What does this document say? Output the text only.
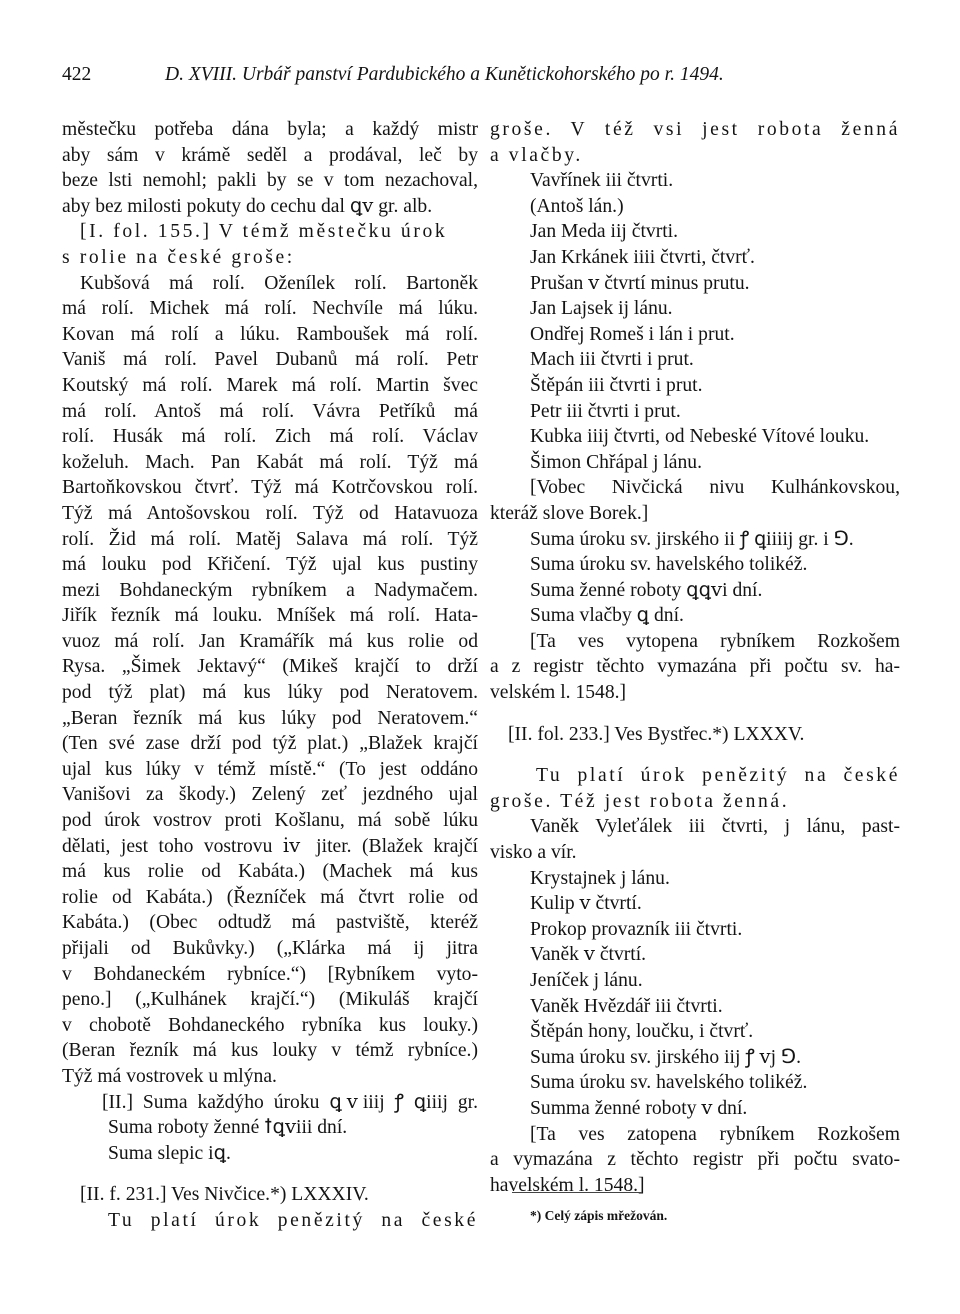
422	D. XVIII. Urbář panství Pardubického a Kunětickohorského po r. 1494.
městečku potřeba dána byla; a každý mistr
aby sám v krámě seděl a prodával, leč by
beze lsti nemohl; pakli by se v tom nezachoval,
aby bez milosti pokuty do cechu dal ꝗⅴ gr. alb.
[I. fol. 155.] V témž městečku úrok
s rolie na české groše:
Kubšová má rolí. Oženílek rolí. Bartoněk
má rolí. Michek má rolí. Nechvíle má lúku.
Kovan má rolí a lúku. Ramboušek má rolí.
Vaniš má rolí. Pavel Dubanů má rolí. Petr
Koutský má rolí. Marek má rolí. Martin švec
má rolí. Antoš má rolí. Vávra Petříků má
rolí. Husák má rolí. Zich má rolí. Václav
koželuh. Mach. Pan Kabát má rolí. Týž má
Bartoňkovskou čtvrť. Týž má Kotrčovskou rolí.
Týž má Antošovskou rolí. Týž od Hatavuoza
rolí. Žid má rolí. Matěj Salava má rolí. Týž
má louku pod Křičení. Týž ujal kus pustiny
mezi Bohdaneckým rybníkem a Nadymačem.
Jiřík řezník má louku. Mníšek má rolí. Hata-
vuoz má rolí. Jan Kramářík má kus rolie od
Rysa. „Šimek Jektavý“ (Mikeš krajčí to drží
pod týž plat) má kus lúky pod Neratovem.
„Beran řezník má kus lúky pod Neratovem.“
(Ten své zase drží pod týž plat.) „Blažek krajčí
ujal kus lúky v témž místě.“ (To jest oddáno
Vanišovi za škody.) Zelený zeť jezdného ujal
pod úrok vostrov proti Košlanu, má sobě lúku
dělati, jest toho vostrovu ⅳ jiter. (Blažek krajčí
má kus rolie od Kabáta.) (Machek má kus
rolie od Kabáta.) (Řezníček má čtvrt rolie od
Kabáta.) (Obec odtudž má pastviště, kteréž
přijali od Bukůvky.) („Klárka má ij jitra
v Bohdaneckém rybníce.“) [Rybníkem vyto-
peno.] („Kulhánek krajčí.“) (Mikuláš krajčí
v chobotě Bohdaneckého rybníka kus louky.)
(Beran řezník má kus louky v témž rybníce.)
Týž má vostrovek u mlýna.
[II.] Suma každýho úroku ꝗⅴiiij ꝭ ꝗiiij gr.
Suma roboty ženné ꝉꝗⅴiii dní.
Suma slepic iꝗ.
[II. f. 231.] Ves Nivčice.*) LXXXIV.
Tu platí úrok penězitý na české
groše. V též vsi jest robota ženná
a vlačby.
Vavřínek iii čtvrti.
(Antoš lán.)
Jan Meda iij čtvrti.
Jan Krkánek iiii čtvrti, čtvrť.
Prušan ⅴ čtvrtí minus prutu.
Jan Lajsek ij lánu.
Ondřej Romeš i lán i prut.
Mach iii čtvrti i prut.
Štěpán iii čtvrti i prut.
Petr iii čtvrti i prut.
Kubka iiij čtvrti, od Nebeské Vítové louku.
Šimon Chřápal j lánu.
[Vobec Nivčická nivu Kulhánkovskou,
kteráž slove Borek.]
Suma úroku sv. jirského ii ꝭ ꝗiiiij gr. i ⅁.
Suma úroku sv. havelského tolikéž.
Suma ženné roboty ꝗꝗⅴi dní.
Suma vlačby ꝗ dní.
[Ta ves vytopena rybníkem Rozkošem
a z registr těchto vymazána při počtu sv. ha-
velském l. 1548.]
[II. fol. 233.] Ves Bystřec.*) LXXXV.
Tu platí úrok penězitý na české
groše. Též jest robota ženná.
Vaněk Vyleťálek iii čtvrti, j lánu, past-
visko a vír.
Krystajnek j lánu.
Kulip ⅴ čtvrtí.
Prokop provazník iii čtvrti.
Vaněk ⅴ čtvrtí.
Jeníček j lánu.
Vaněk Hvězdář iii čtvrti.
Štěpán hony, loučku, i čtvrť.
Suma úroku sv. jirského iij ꝭ ⅴj ⅁.
Suma úroku sv. havelského tolikéž.
Summa ženné roboty ⅴ dní.
[Ta ves zatopena rybníkem Rozkošem
a vymazána z těchto registr při počtu svato-
havelském l. 1548.]
*) Celý zápis mřežován.
